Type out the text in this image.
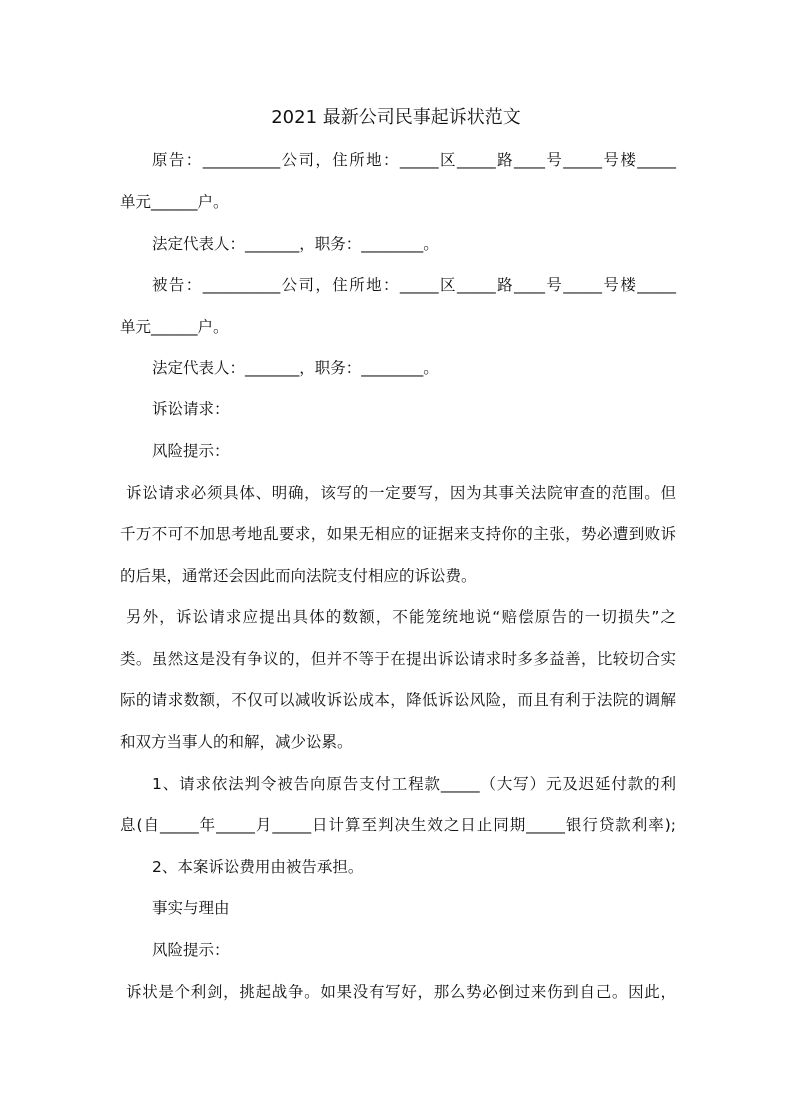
2021 最新公司民事起诉状范文
原告：__________公司，住所地：_____区_____路____号_____号楼_____
单元______户。
法定代表人：_______，职务：________。
被告：__________公司，住所地：_____区_____路____号_____号楼_____
单元______户。
法定代表人：_______，职务：________。
诉讼请求：
风险提示：
诉讼请求必须具体、明确，该写的一定要写，因为其事关法院审查的范围。但
千万不可不加思考地乱要求，如果无相应的证据来支持你的主张，势必遭到败诉
的后果，通常还会因此而向法院支付相应的诉讼费。
另外，诉讼请求应提出具体的数额，不能笼统地说“赔偿原告的一切损失”之
类。虽然这是没有争议的，但并不等于在提出诉讼请求时多多益善，比较切合实
际的请求数额，不仅可以减收诉讼成本，降低诉讼风险，而且有利于法院的调解
和双方当事人的和解，减少讼累。
1、请求依法判令被告向原告支付工程款_____（大写）元及迟延付款的利
息(自_____年_____月_____日计算至判决生效之日止同期_____银行贷款利率);
2、本案诉讼费用由被告承担。
事实与理由
风险提示：
诉状是个利剑，挑起战争。如果没有写好，那么势必倒过来伤到自己。因此，
